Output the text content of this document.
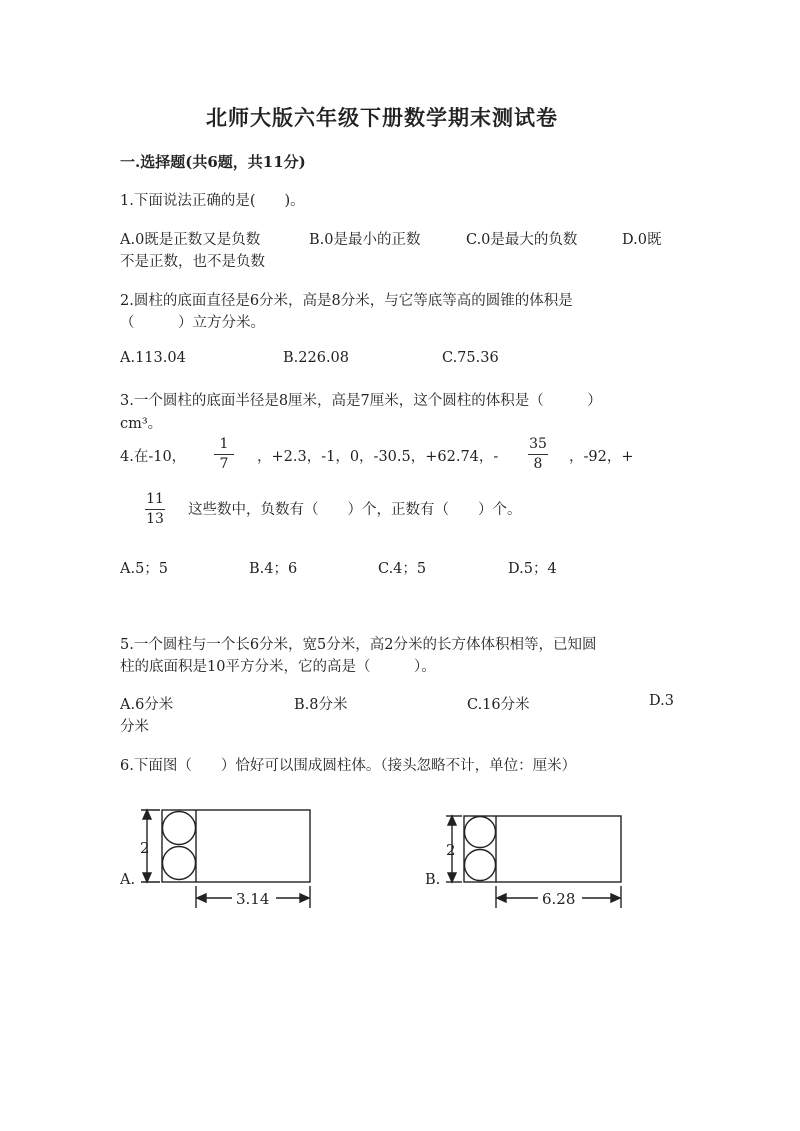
北师大版六年级下册数学期末测试卷
一.选择题(共6题，共11分)
1.下面说法正确的是(　　)。
A.0既是正数又是负数	B.0是最小的正数	C.0是最大的负数	D.0既
不是正数，也不是负数
2.圆柱的底面直径是6分米，高是8分米，与它等底等高的圆锥的体积是
（　　　）立方分米。
A.113.04	B.226.08	C.75.36
3.一个圆柱的底面半径是8厘米，高是7厘米，这个圆柱的体积是（　　　）
cm³。
4.在-10，
1
7	，+2.3，-1，0，-30.5，+62.74，-
35
8	，-92，+
11
13
这些数中，负数有（　　）个，正数有（　　）个。
A.5；5	B.4；6	C.4；5	D.5；4
5.一个圆柱与一个长6分米，宽5分米，高2分米的长方体体积相等，已知圆
柱的底面积是10平方分米，它的高是（　　　）。
A.6分米	B.8分米	C.16分米	D.3
分米
6.下面图（　　）恰好可以围成圆柱体。（接头忽略不计，单位：厘米）
A.
2
3.14
B.
2
6.28
